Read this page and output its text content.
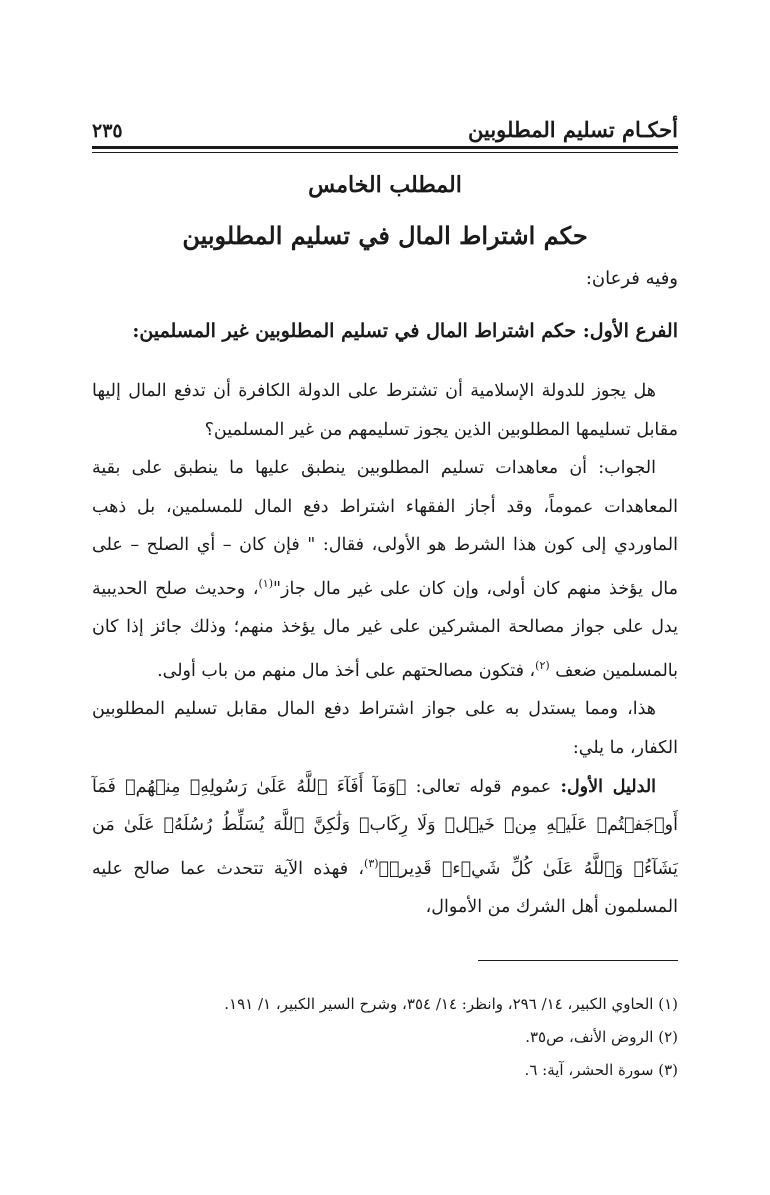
أحكـام تسليم المطلوبين
٢٣٥
المطلب الخامس
حكم اشتراط المال في تسليم المطلوبين
وفيه فرعان:
الفرع الأول: حكم اشتراط المال في تسليم المطلوبين غير المسلمين:

هل يجوز للدولة الإسلامية أن تشترط على الدولة الكافرة أن تدفع المال إليها مقابل تسليمها المطلوبين الذين يجوز تسليمهم من غير المسلمين؟

الجواب: أن معاهدات تسليم المطلوبين ينطبق عليها ما ينطبق على بقية المعاهدات عموماً، وقد أجاز الفقهاء اشتراط دفع المال للمسلمين، بل ذهب الماوردي إلى كون هذا الشرط هو الأولى، فقال: " فإن كان – أي الصلح – على مال يؤخذ منهم كان أولى، وإن كان على غير مال جاز"$^{(١)}$، وحديث صلح الحديبية يدل على جواز مصالحة المشركين على غير مال يؤخذ منهم؛ وذلك جائز إذا كان بالمسلمين ضعف $^{(٢)}$، فتكون مصالحتهم على أخذ مال منهم من باب أولى.

هذا، ومما يستدل به على جواز اشتراط دفع المال مقابل تسليم المطلوبين الكفار، ما يلي:

الدليل الأول: عموم قوله تعالى: ﴿وَمَآ أَفَآءَ ٱللَّهُ عَلَىٰ رَسُولِهِۦ مِنۡهُمۡ فَمَآ أَوۡجَفۡتُمۡ عَلَيۡهِ مِنۡ خَيۡلٖ وَلَا رِكَابٖ وَلَٰكِنَّ ٱللَّهَ يُسَلِّطُ رُسُلَهُۥ عَلَىٰ مَن يَشَآءُۚ وَٱللَّهُ عَلَىٰ كُلِّ شَيۡءٖ قَدِيرٞ﴾$^{(٣)}$، فهذه الآية تتحدث عما صالح عليه المسلمون أهل الشرك من الأموال،

(١) الحاوي الكبير، ١٤/ ٢٩٦، وانظر: ١٤/ ٣٥٤، وشرح السير الكبير، ١/ ١٩١.
(٢) الروض الأنف، ص٣٥.
(٣) سورة الحشر، آية: ٦.
